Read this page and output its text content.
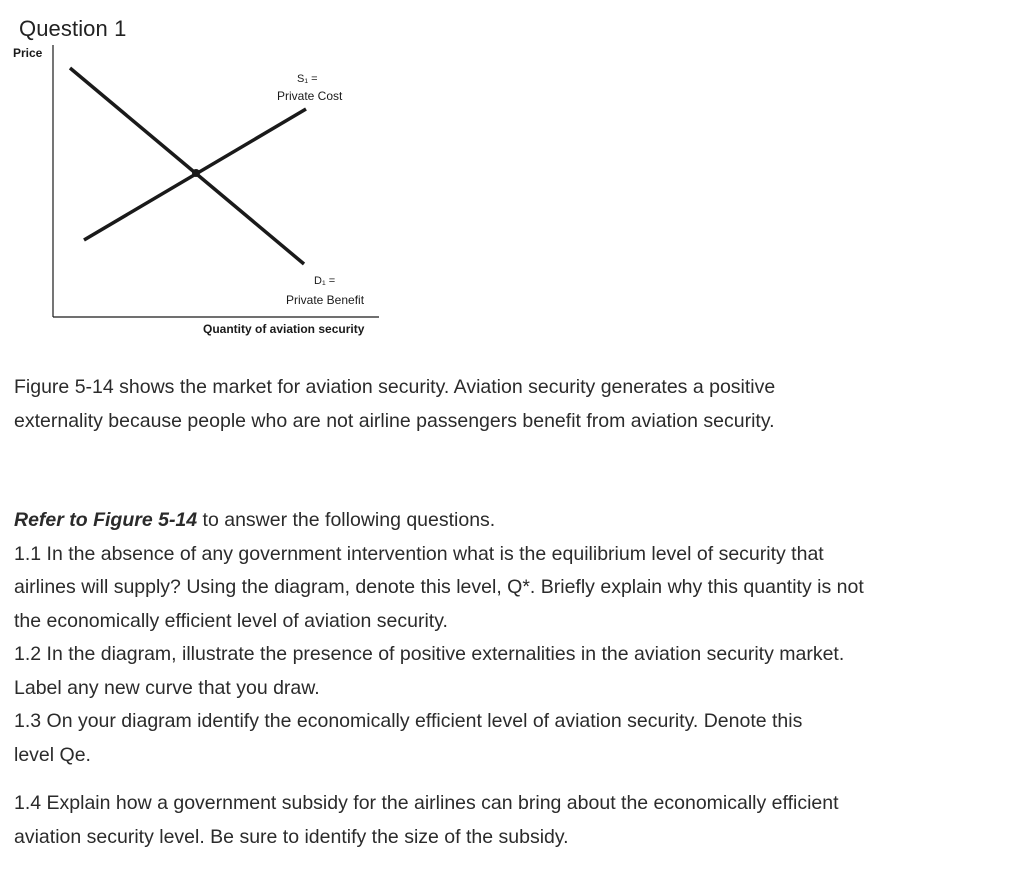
Question 1
Price
Quantity of aviation security
S₁ =
Private Cost
D₁ =
Private Benefit

Figure 5-14 shows the market for aviation security. Aviation security generates a positive
externality because people who are not airline passengers benefit from aviation security.

Refer to Figure 5-14 to answer the following questions.
1.1 In the absence of any government intervention what is the equilibrium level of security that
airlines will supply? Using the diagram, denote this level, Q*. Briefly explain why this quantity is not
the economically efficient level of aviation security.
1.2 In the diagram, illustrate the presence of positive externalities in the aviation security market.
Label any new curve that you draw.
1.3 On your diagram identify the economically efficient level of aviation security. Denote this
level Qe.

1.4 Explain how a government subsidy for the airlines can bring about the economically efficient
aviation security level. Be sure to identify the size of the subsidy.
